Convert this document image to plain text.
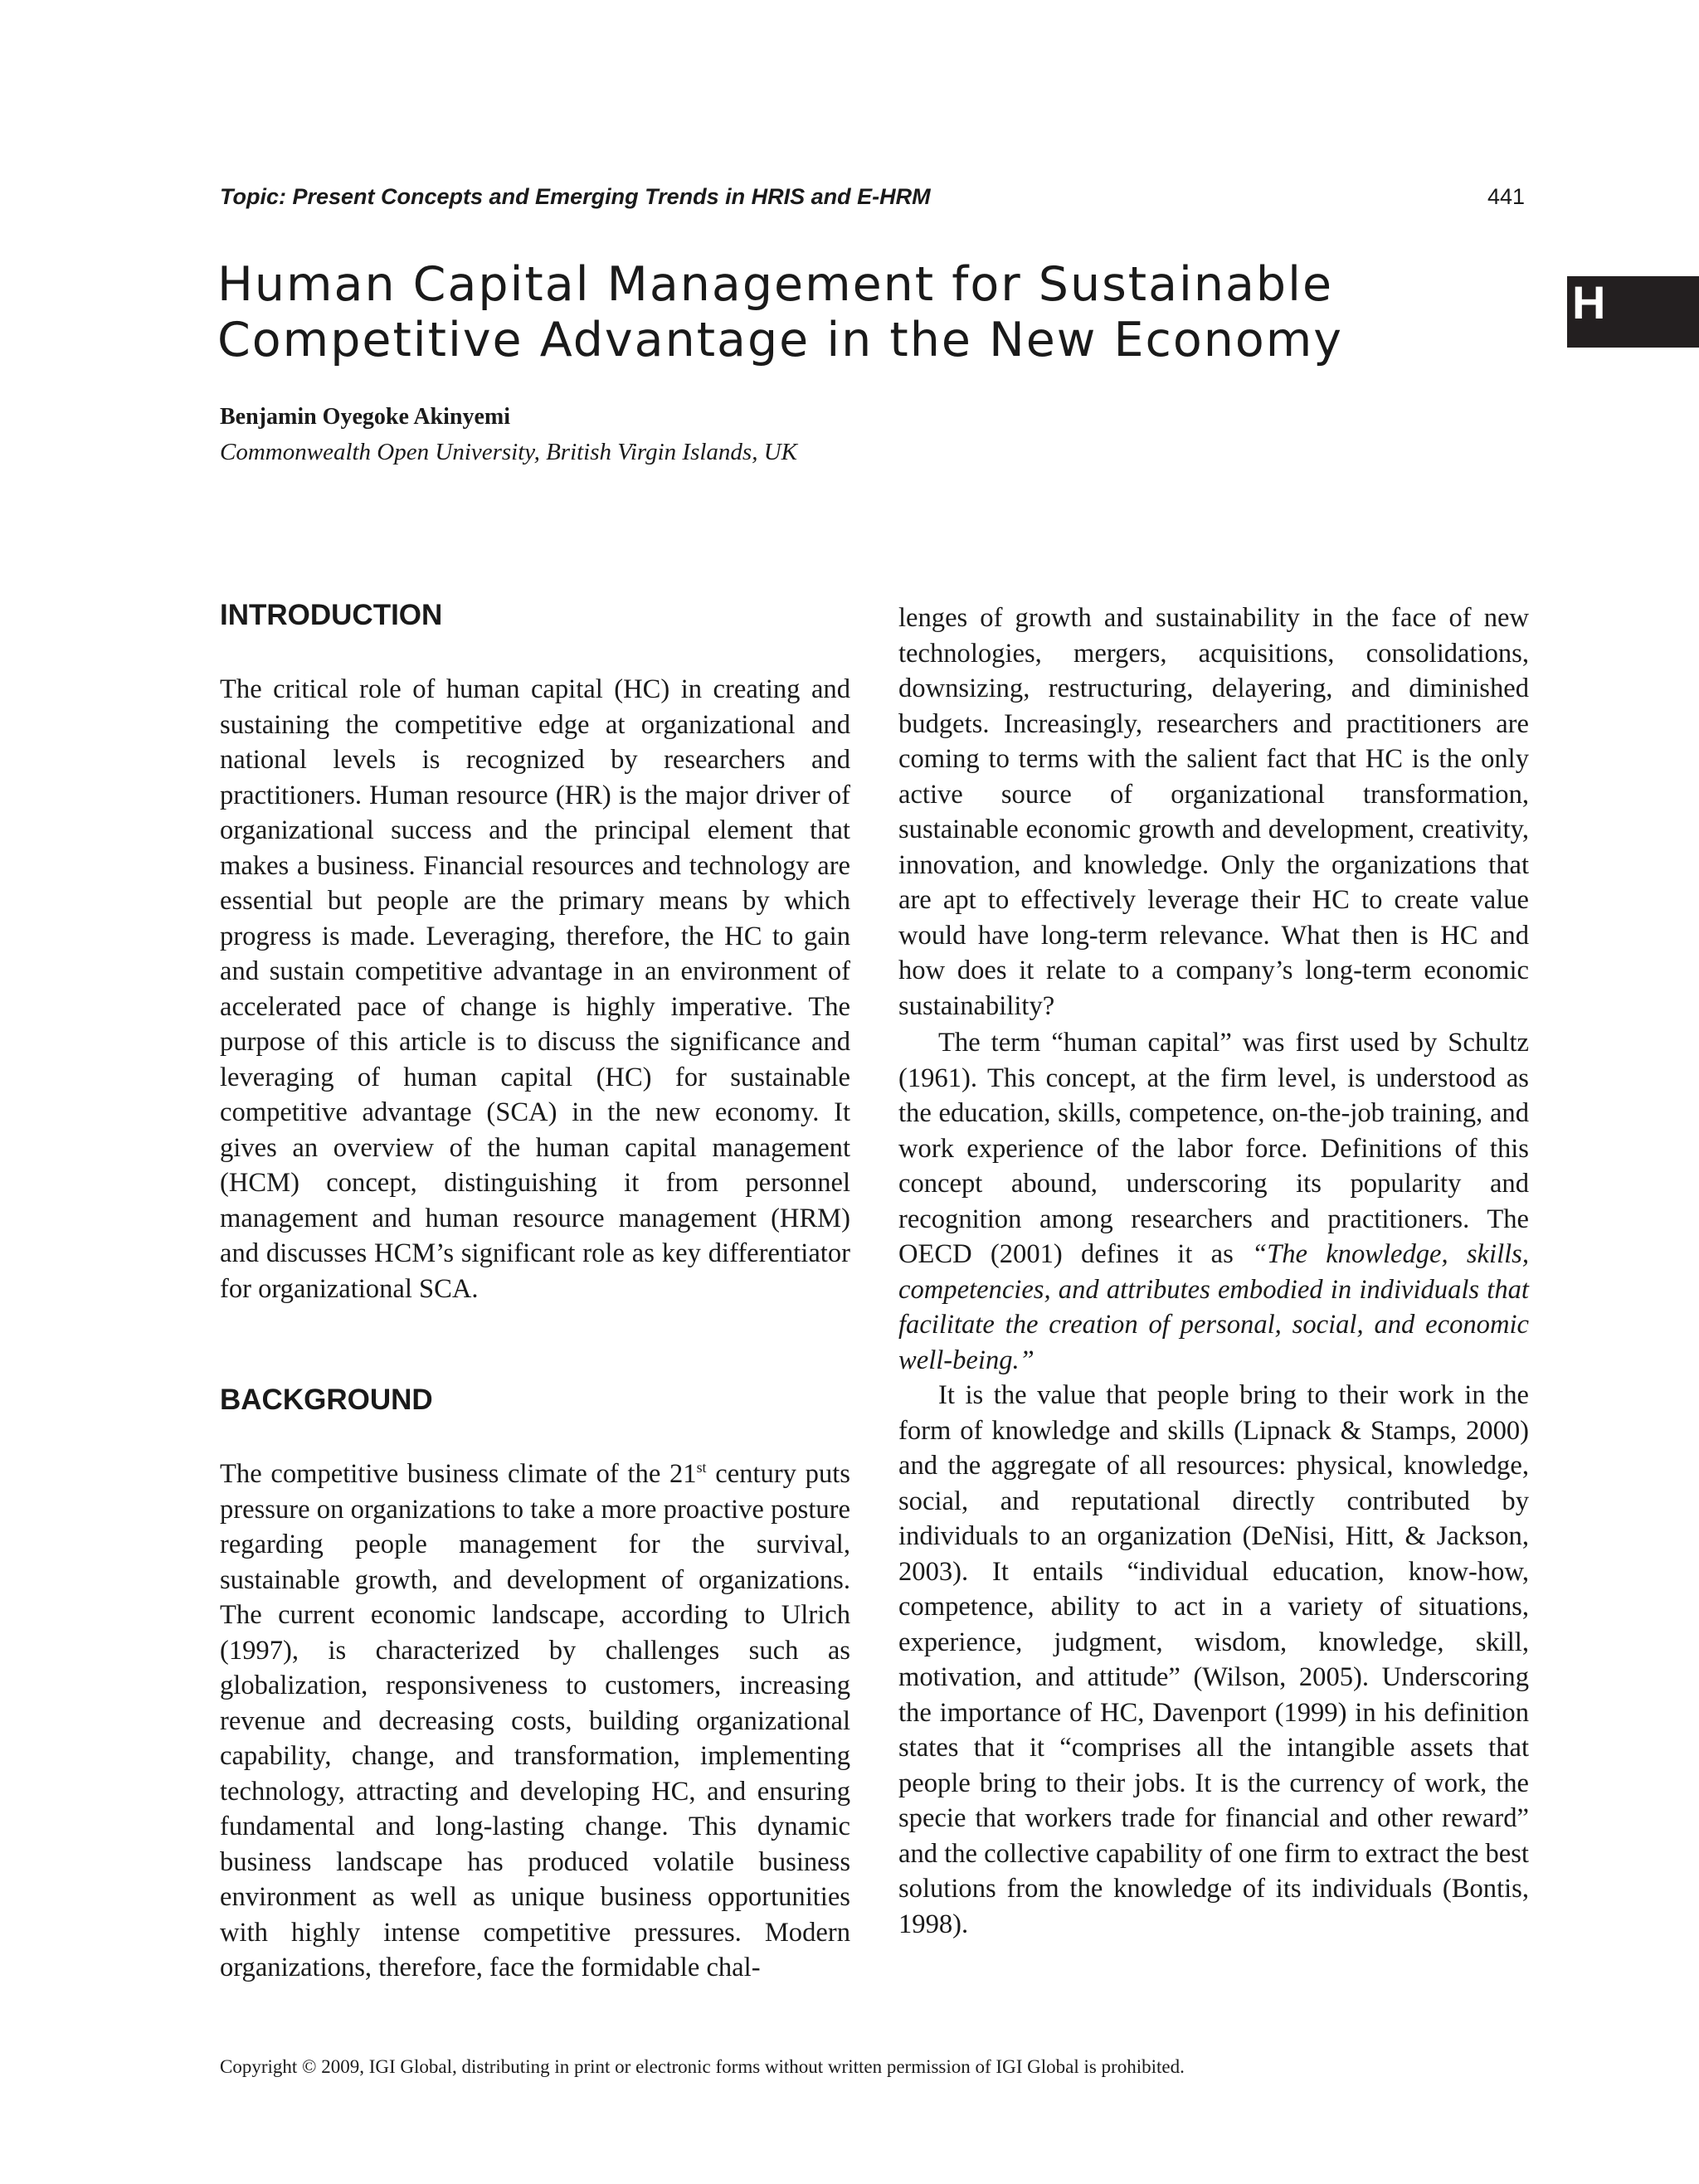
Topic: Present Concepts and Emerging Trends in HRIS and E-HRM	441
H
Human Capital Management for Sustainable Competitive Advantage in the New Economy
Benjamin Oyegoke Akinyemi
Commonwealth Open University, British Virgin Islands, UK
INTRODUCTION

The critical role of human capital (HC) in creating and sustaining the competitive edge at organizational and national levels is recognized by researchers and practitioners. Human resource (HR) is the major driver of organizational success and the principal element that makes a business. Financial resources and technology are essential but people are the primary means by which progress is made. Leveraging, therefore, the HC to gain and sustain competitive advantage in an environment of accelerated pace of change is highly imperative. The purpose of this article is to discuss the significance and leveraging of human capital (HC) for sustainable competitive advantage (SCA) in the new economy. It gives an overview of the human capital management (HCM) concept, distinguishing it from personnel management and human resource management (HRM) and discusses HCM’s significant role as key differentiator for organizational SCA.

BACKGROUND

The competitive business climate of the 21st century puts pressure on organizations to take a more proactive posture regarding people management for the survival, sustainable growth, and development of organizations. The current economic landscape, according to Ulrich (1997), is characterized by challenges such as globalization, responsiveness to customers, increasing revenue and decreasing costs, building organizational capability, change, and transformation, implementing technology, attracting and developing HC, and ensuring fundamental and long-lasting change. This dynamic business landscape has produced volatile business environment as well as unique business opportunities with highly intense competitive pressures. Modern organizations, therefore, face the formidable chal-

lenges of growth and sustainability in the face of new technologies, mergers, acquisitions, consolidations, downsizing, restructuring, delayering, and diminished budgets. Increasingly, researchers and practitioners are coming to terms with the salient fact that HC is the only active source of organizational transformation, sustainable economic growth and development, creativity, innovation, and knowledge. Only the organizations that are apt to effectively leverage their HC to create value would have long-term relevance. What then is HC and how does it relate to a company’s long-term economic sustainability?

The term “human capital” was first used by Schultz (1961). This concept, at the firm level, is understood as the education, skills, competence, on-the-job training, and work experience of the labor force. Definitions of this concept abound, underscoring its popularity and recognition among researchers and practitioners. The OECD (2001) defines it as “The knowledge, skills, competencies, and attributes embodied in individuals that facilitate the creation of personal, social, and economic well-being.”

It is the value that people bring to their work in the form of knowledge and skills (Lipnack & Stamps, 2000) and the aggregate of all resources: physical, knowledge, social, and reputational directly contributed by individuals to an organization (DeNisi, Hitt, & Jackson, 2003). It entails “individual education, know-how, competence, ability to act in a variety of situations, experience, judgment, wisdom, knowledge, skill, motivation, and attitude” (Wilson, 2005). Underscoring the importance of HC, Davenport (1999) in his definition states that it “comprises all the intangible assets that people bring to their jobs. It is the currency of work, the specie that workers trade for financial and other reward” and the collective capability of one firm to extract the best solutions from the knowledge of its individuals (Bontis, 1998).

Copyright © 2009, IGI Global, distributing in print or electronic forms without written permission of IGI Global is prohibited.
